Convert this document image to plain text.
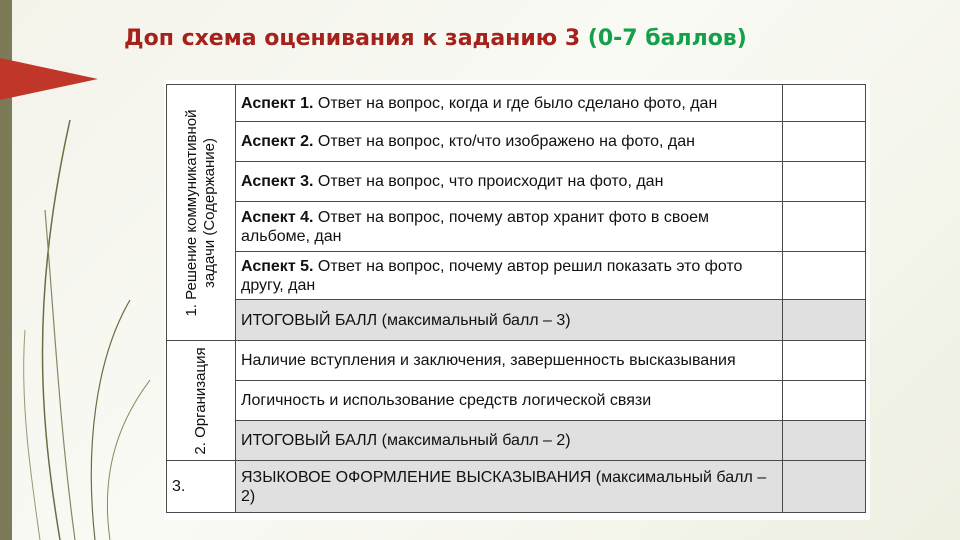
Доп схема оценивания к заданию 3 (0-7 баллов)
1. Решение коммуникативной
задачи (Содержание)	Аспект 1. Ответ на вопрос, когда и где было сделано фото, дан	
	Аспект 2. Ответ на вопрос, кто/что изображено на фото, дан	
	Аспект 3. Ответ на вопрос, что происходит на фото, дан	
	Аспект 4. Ответ на вопрос, почему автор хранит фото в своем альбоме, дан	
	Аспект 5. Ответ на вопрос, почему автор решил показать это фото другу, дан	
	ИТОГОВЫЙ БАЛЛ (максимальный балл – 3)	

2. Организация	Наличие вступления и заключения, завершенность высказывания	
	Логичность и использование средств логической связи	
	ИТОГОВЫЙ БАЛЛ (максимальный балл – 2)	
3.	ЯЗЫКОВОЕ ОФОРМЛЕНИЕ ВЫСКАЗЫВАНИЯ (максимальный балл – 2)	
